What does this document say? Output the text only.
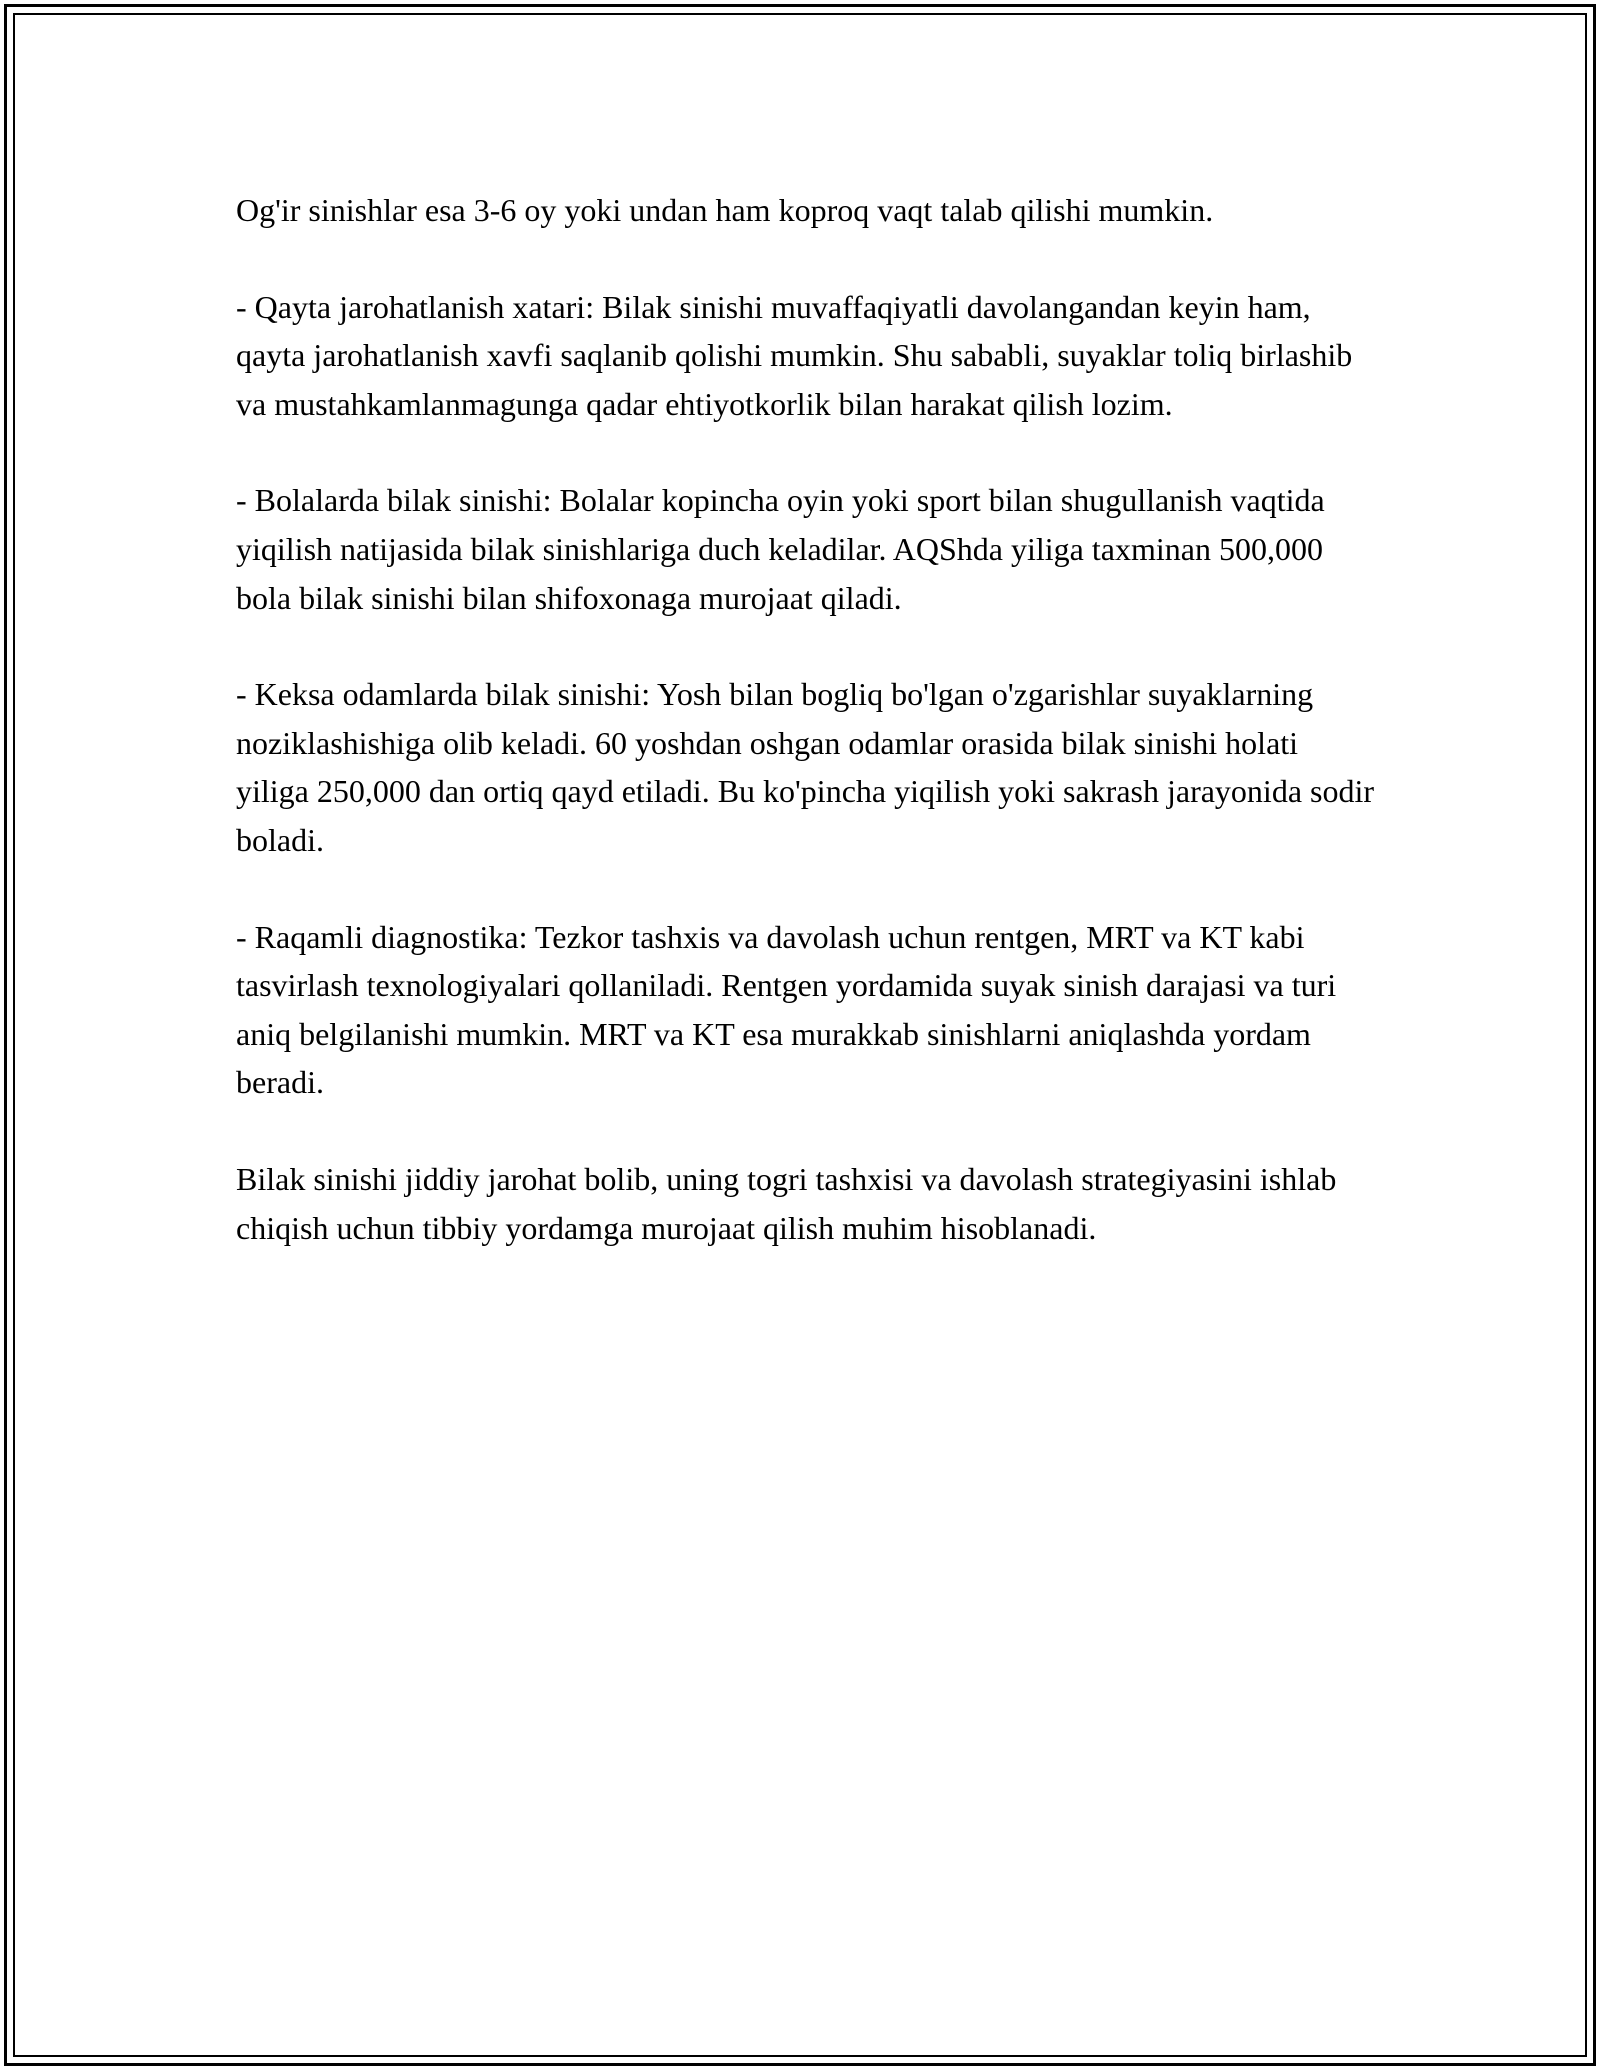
Og'ir sinishlar esa 3-6 oy yoki undan ham koproq vaqt talab qilishi mumkin.

- Qayta jarohatlanish xatari: Bilak sinishi muvaffaqiyatli davolangandan keyin ham, qayta jarohatlanish xavfi saqlanib qolishi mumkin. Shu sababli, suyaklar toliq birlashib va mustahkamlanmagunga qadar ehtiyotkorlik bilan harakat qilish lozim.

- Bolalarda bilak sinishi: Bolalar kopincha oyin yoki sport bilan shugullanish vaqtida yiqilish natijasida bilak sinishlariga duch keladilar. AQShda yiliga taxminan 500,000 bola bilak sinishi bilan shifoxonaga murojaat qiladi.

- Keksa odamlarda bilak sinishi: Yosh bilan bogliq bo'lgan o'zgarishlar suyaklarning noziklashishiga olib keladi. 60 yoshdan oshgan odamlar orasida bilak sinishi holati yiliga 250,000 dan ortiq qayd etiladi. Bu ko'pincha yiqilish yoki sakrash jarayonida sodir boladi.

- Raqamli diagnostika: Tezkor tashxis va davolash uchun rentgen, MRT va KT kabi tasvirlash texnologiyalari qollaniladi. Rentgen yordamida suyak sinish darajasi va turi aniq belgilanishi mumkin. MRT va KT esa murakkab sinishlarni aniqlashda yordam beradi.

Bilak sinishi jiddiy jarohat bolib, uning togri tashxisi va davolash strategiyasini ishlab chiqish uchun tibbiy yordamga murojaat qilish muhim hisoblanadi.
